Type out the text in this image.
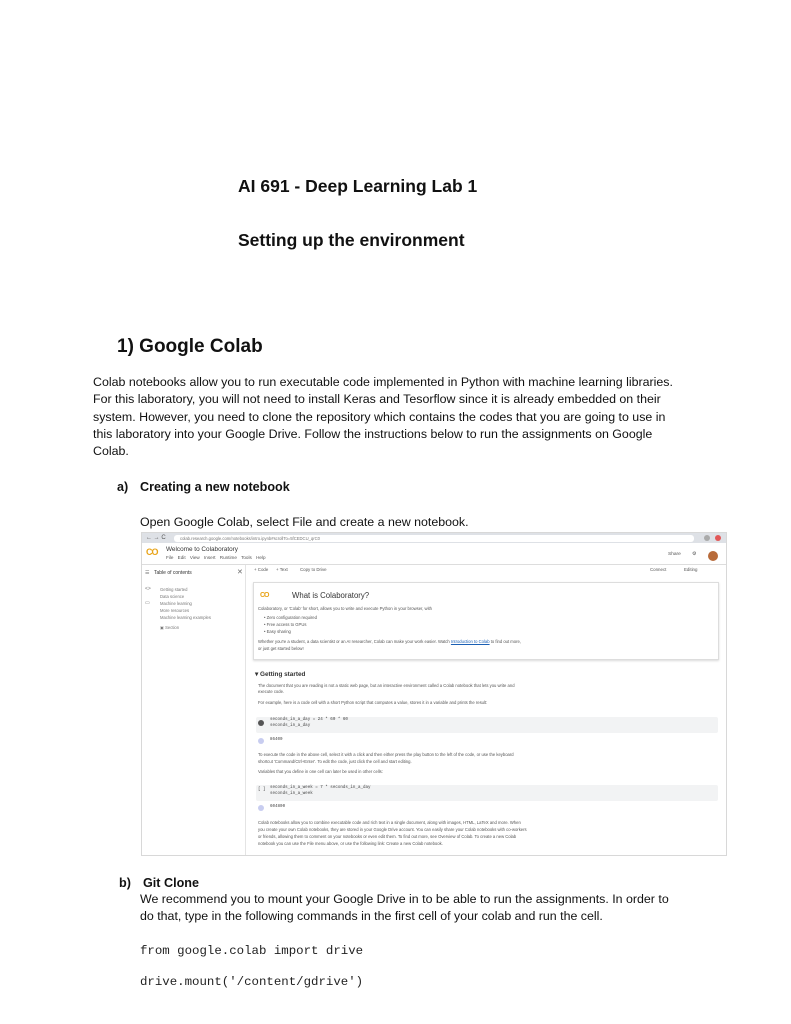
AI 691 - Deep Learning Lab 1
Setting up the environment
1) Google Colab
Colab notebooks allow you to run executable code implemented in Python with machine learning libraries.
For this laboratory, you will not need to install Keras and Tesorflow since it is already embedded on their
system. However, you need to clone the repository which contains the codes that you are going to use in
this laboratory into your Google Drive. Follow the instructions below to run the assignments on Google
Colab.
a) Creating a new notebook
Open Google Colab, select File and create a new notebook.
← → C	colab.research.google.com/notebooks/intro.ipynb#scrollTo=5fCEDCU_qrC0
CO Welcome to Colaboratory
File Edit View Insert Runtime Tools Help
Share ⚙
☰
<>
▭
Table of contents	✕
Getting started
Data science
Machine learning
More resources
Machine learning examples
▣ Section
+ Code + Text	Copy to Drive	Connect	Editing
CO	What is Colaboratory?
Colaboratory, or 'Colab' for short, allows you to write and execute Python in your browser, with
• Zero configuration required
• Free access to GPUs
• Easy sharing
Whether you're a student, a data scientist or an AI researcher, Colab can make your work easier. Watch Introduction to Colab to find out more,
or just get started below!
▾ Getting started
The document that you are reading is not a static web page, but an interactive environment called a Colab notebook that lets you write and
execute code.
For example, here is a code cell with a short Python script that computes a value, stores it in a variable and prints the result:
seconds_in_a_day = 24 * 60 * 60
seconds_in_a_day
86400
To execute the code in the above cell, select it with a click and then either press the play button to the left of the code, or use the keyboard
shortcut 'Command/Ctrl+Enter'. To edit the code, just click the cell and start editing.
Variables that you define in one cell can later be used in other cells:
[ ] seconds_in_a_week = 7 * seconds_in_a_day
seconds_in_a_week
604800
Colab notebooks allow you to combine executable code and rich text in a single document, along with images, HTML, LaTeX and more. When
you create your own Colab notebooks, they are stored in your Google Drive account. You can easily share your Colab notebooks with co-workers
or friends, allowing them to comment on your notebooks or even edit them. To find out more, see Overview of Colab. To create a new Colab
notebook you can use the File menu above, or use the following link: Create a new Colab notebook.
b) Git Clone
We recommend you to mount your Google Drive in to be able to run the assignments. In order to
do that, type in the following commands in the first cell of your colab and run the cell.
from google.colab import drive
drive.mount('/content/gdrive')
